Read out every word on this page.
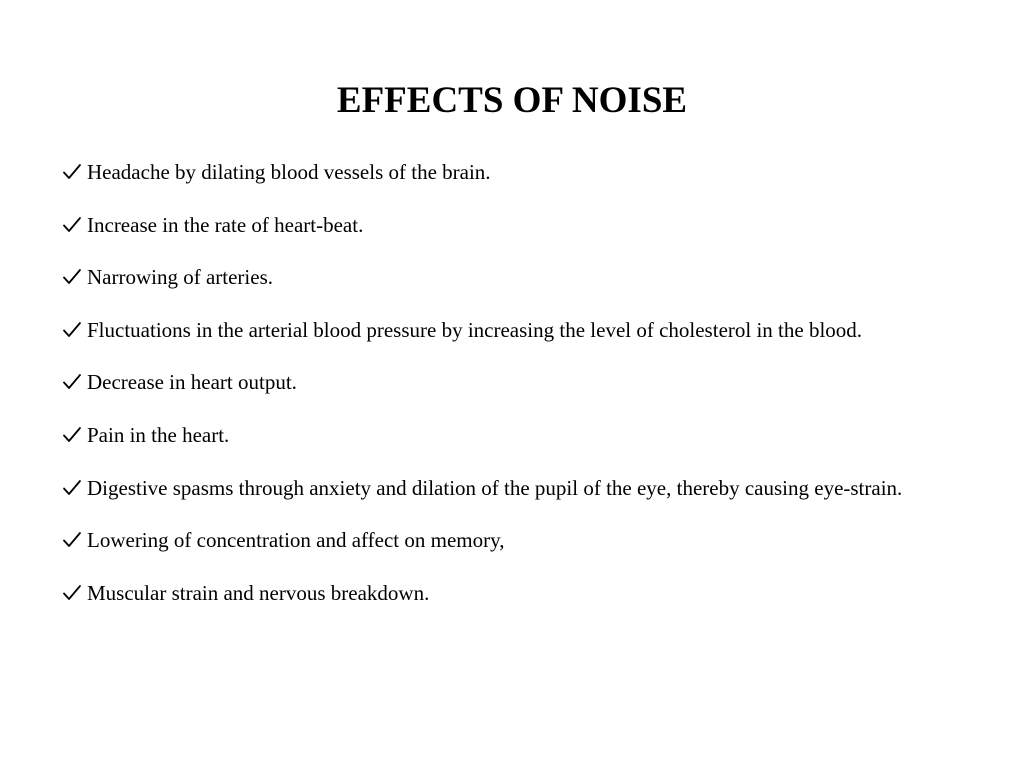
EFFECTS OF NOISE
Headache by dilating blood vessels of the brain.
Increase in the rate of heart-beat.
Narrowing of arteries.
Fluctuations in the arterial blood pressure by increasing the level of cholesterol in the blood.
Decrease in heart output.
Pain in the heart.
Digestive spasms through anxiety and dilation of the pupil of the eye, thereby causing eye-strain.
Lowering of concentration and affect on memory,
Muscular strain and nervous breakdown.
